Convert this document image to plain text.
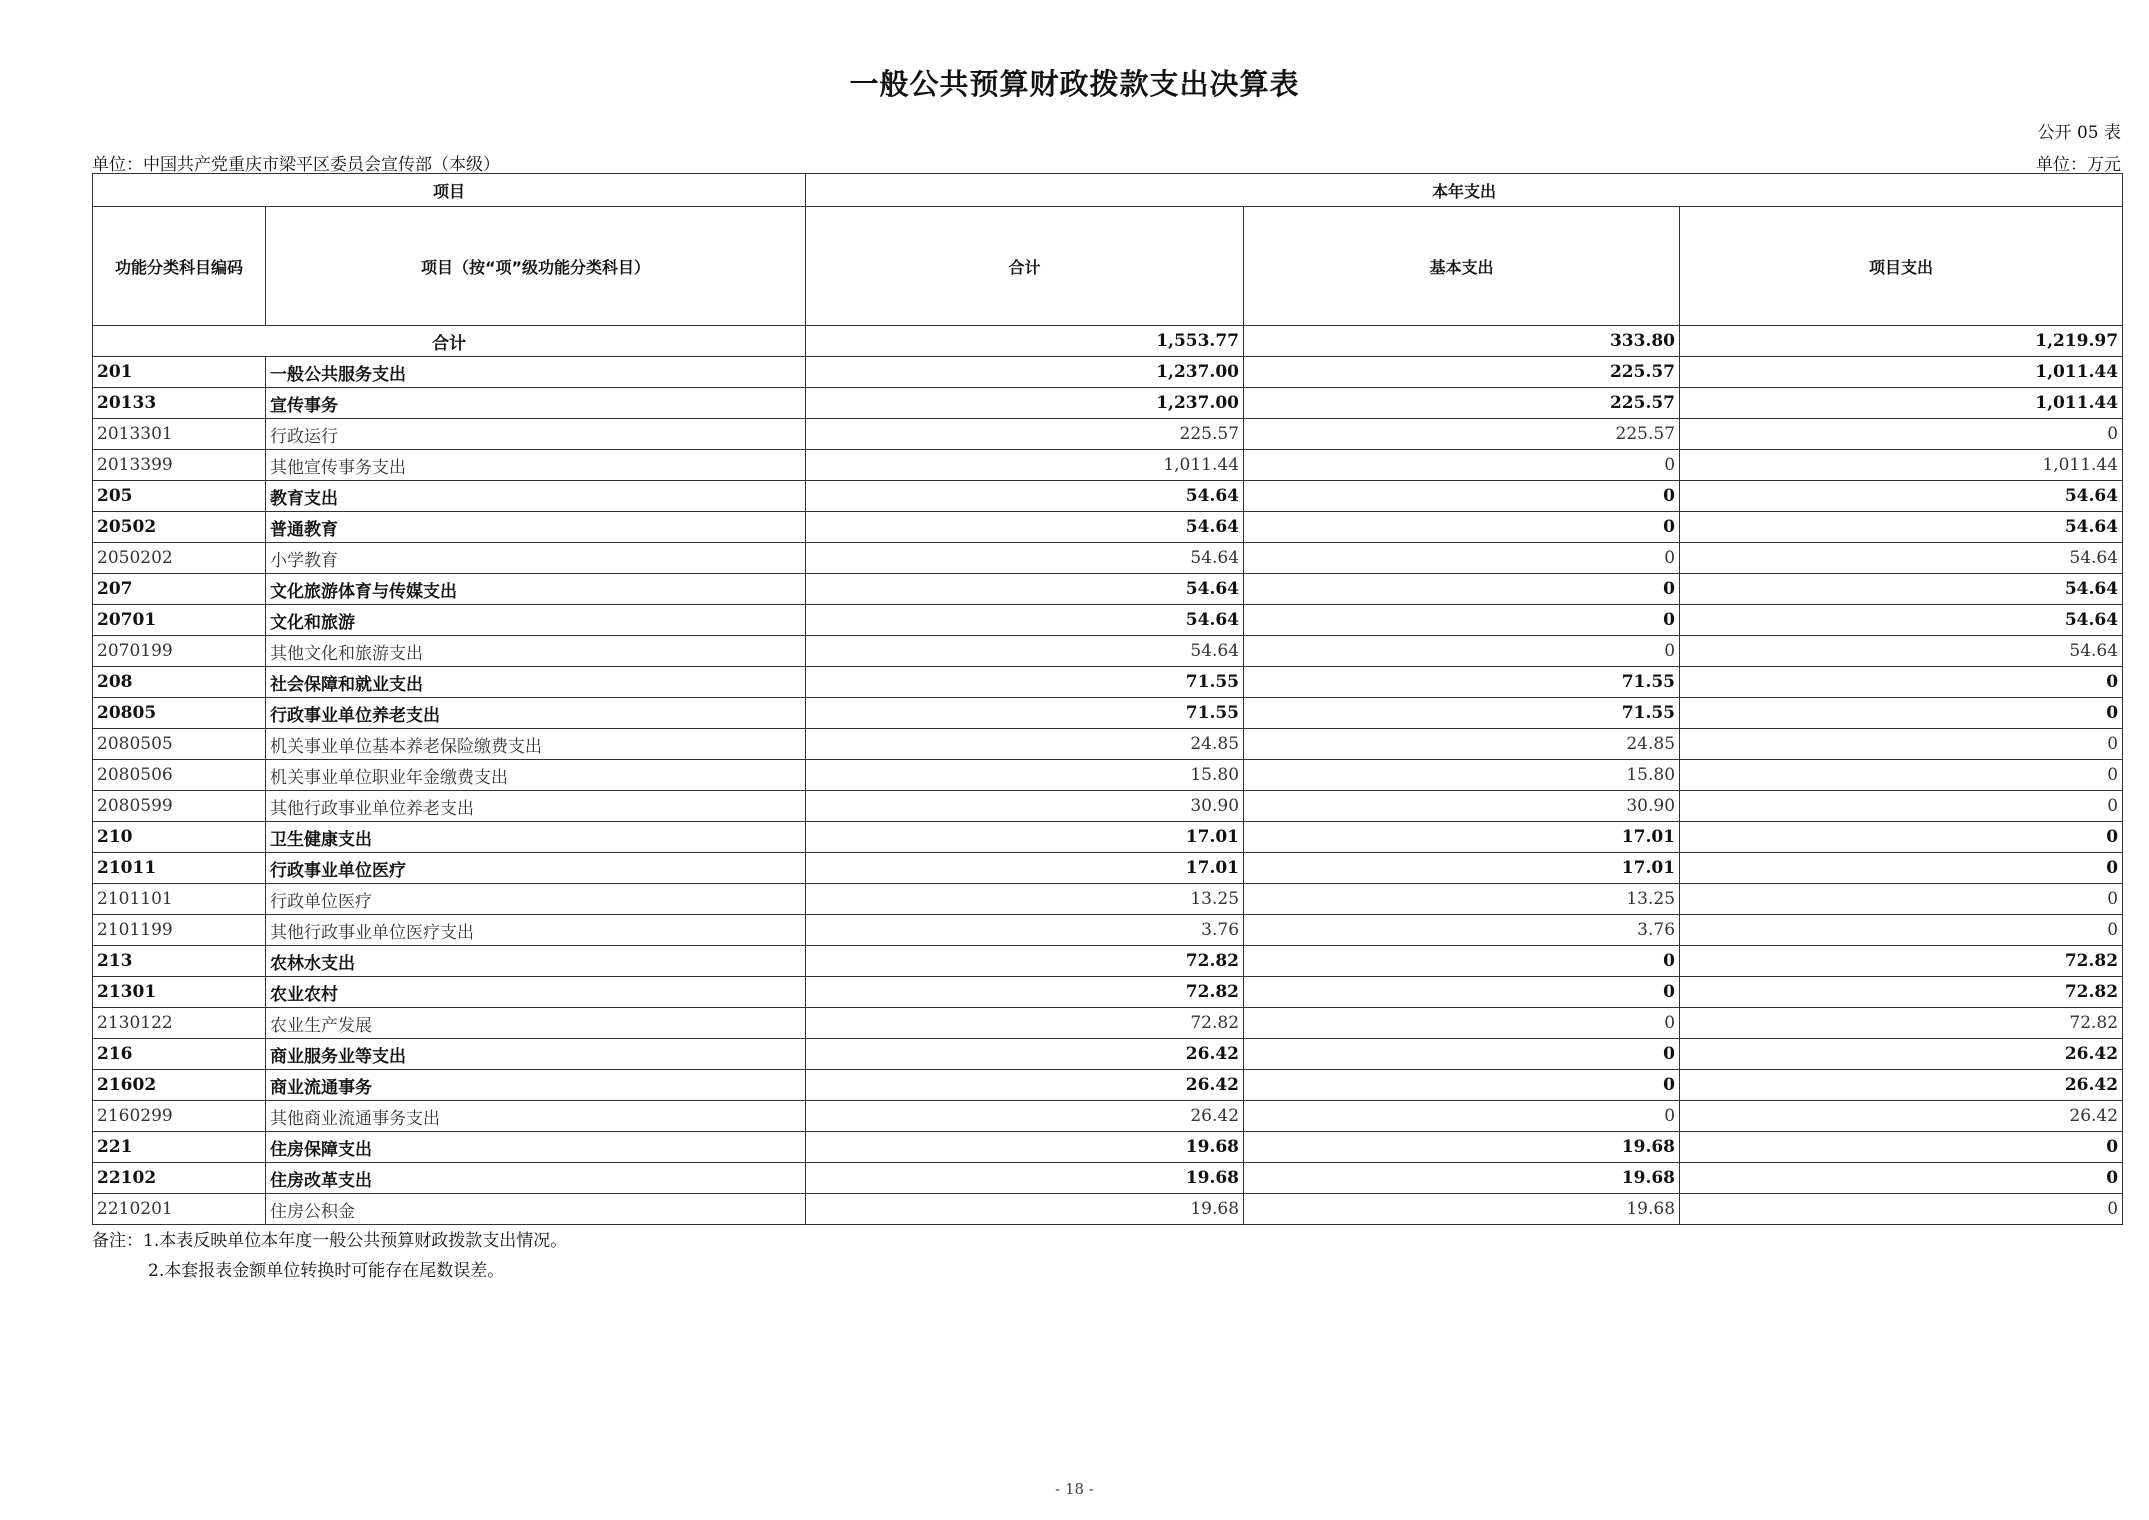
一般公共预算财政拨款支出决算表
公开 05 表
单位：中国共产党重庆市梁平区委员会宣传部（本级）	单位：万元
项目		本年支出		
功能分类科目编码	项目（按“项”级功能分类科目）	合计	基本支出	项目支出
合计		1,553.77	333.80	1,219.97
201	一般公共服务支出	1,237.00	225.57	1,011.44
20133	宣传事务	1,237.00	225.57	1,011.44
2013301	行政运行	225.57	225.57	0
2013399	其他宣传事务支出	1,011.44	0	1,011.44
205	教育支出	54.64	0	54.64
20502	普通教育	54.64	0	54.64
2050202	小学教育	54.64	0	54.64
207	文化旅游体育与传媒支出	54.64	0	54.64
20701	文化和旅游	54.64	0	54.64
2070199	其他文化和旅游支出	54.64	0	54.64
208	社会保障和就业支出	71.55	71.55	0
20805	行政事业单位养老支出	71.55	71.55	0
2080505	机关事业单位基本养老保险缴费支出	24.85	24.85	0
2080506	机关事业单位职业年金缴费支出	15.80	15.80	0
2080599	其他行政事业单位养老支出	30.90	30.90	0
210	卫生健康支出	17.01	17.01	0
21011	行政事业单位医疗	17.01	17.01	0
2101101	行政单位医疗	13.25	13.25	0
2101199	其他行政事业单位医疗支出	3.76	3.76	0
213	农林水支出	72.82	0	72.82
21301	农业农村	72.82	0	72.82
2130122	农业生产发展	72.82	0	72.82
216	商业服务业等支出	26.42	0	26.42
21602	商业流通事务	26.42	0	26.42
2160299	其他商业流通事务支出	26.42	0	26.42
221	住房保障支出	19.68	19.68	0
22102	住房改革支出	19.68	19.68	0
2210201	住房公积金	19.68	19.68	0
备注：1.本表反映单位本年度一般公共预算财政拨款支出情况。
2.本套报表金额单位转换时可能存在尾数误差。
- 18 -
